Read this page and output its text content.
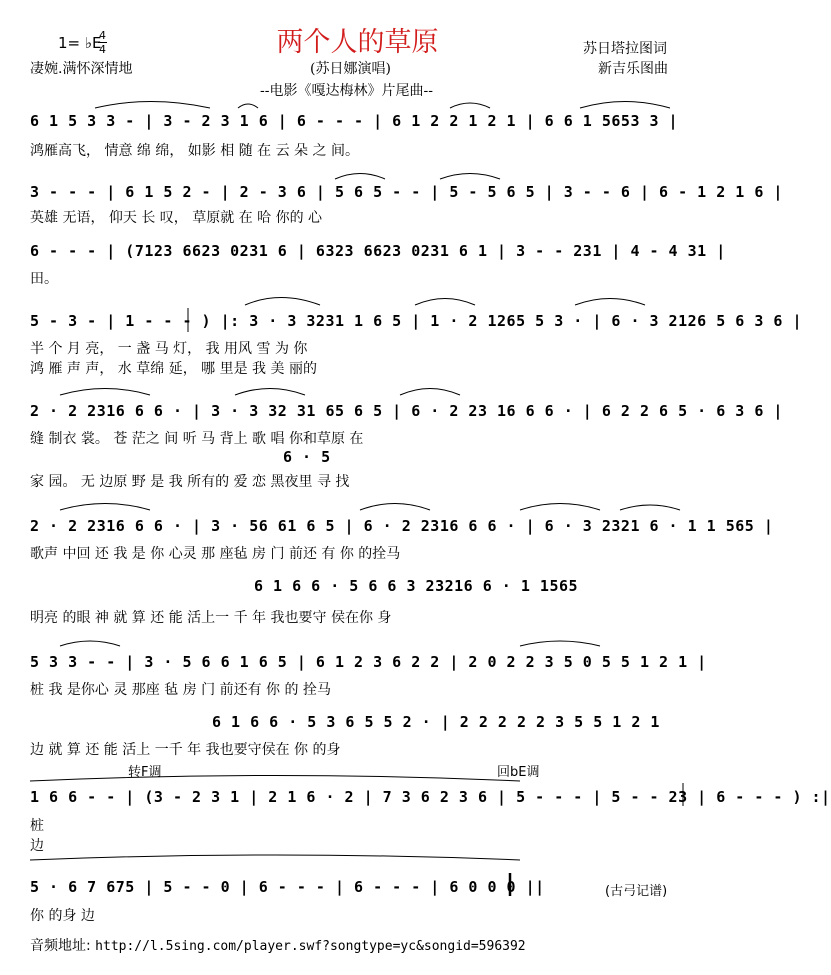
1= ♭E
4
4	两个人的草原	苏日塔拉图词
新吉乐图曲
凄婉.满怀深情地	(苏日娜演唱)
--电影《嘎达梅林》片尾曲--
6 1 5 3 3 - | 3 - 2 3 1 6 | 6 - - - | 6 1 2 2 1 2 1 | 6 6 1 5653 3 |
鸿雁高飞， 情意 绵 绵， 如影 相 随 在 云 朵 之 间。
3 - - - | 6 1 5 2 - | 2 - 3 6 | 5 6 5 - - | 5 - 5 6 5 | 3 - - 6 | 6 - 1 2 1 6 |
英雄 无语， 仰天 长 叹， 草原就 在 哈 你的 心
6 - - - | (7123 6623 0231 6 | 6323 6623 0231 6 1 | 3 - - 231 | 4 - 4 31 |
田。
5 - 3 - | 1 - - - ) |: 3 · 3 3231 1 6 5 | 1 · 2 1265 5 3 · | 6 · 3 2126 5 6 3 6 |
半 个 月 亮， 一 盏 马 灯， 我 用风 雪 为 你
鸿 雁 声 声， 水 草绵 延， 哪 里是 我 美 丽的
2 · 2 2316 6 6 · | 3 · 3 32 31 65 6 5 | 6 · 2 23 16 6 6 · | 6 2 2 6 5 · 6 3 6 |
缝 制衣 裳。 苍 茫之 间 听 马 背上 歌 唱 你和草原 在
6 · 5
家 园。 无 边原 野 是 我 所有的 爱 恋 黑夜里 寻 找
2 · 2 2316 6 6 · | 3 · 56 61 6 5 | 6 · 2 2316 6 6 · | 6 · 3 2321 6 · 1 1 565 |
歌声 中回 还 我 是 你 心灵 那 座毡 房 门 前还 有 你 的拴马
6 1 6 6 · 5 6 6 3 23216 6 · 1 1565
明亮 的眼 神 就 算 还 能 活上一 千 年 我也要守 侯在你 身
5 3 3 - - | 3 · 5 6 6 1 6 5 | 6 1 2 3 6 2 2 | 2 0 2 2 3 5 0 5 5 1 2 1 |
桩 我 是你心 灵 那座 毡 房 门 前还有 你 的 拴马
6 1 6 6 · 5 3 6 5 5 2 · | 2 2 2 2 2 3 5 5 1 2 1
边 就 算 还 能 活上 一千 年 我也要守侯在 你 的身
转F调	回bE调
1 6 6 - - | (3 - 2 3 1 | 2 1 6 · 2 | 7 3 6 2 3 6 | 5 - - - | 5 - - 23 | 6 - - - ) :|
桩
边
5 · 6 7 675 | 5 - - 0 | 6 - - - | 6 - - - | 6 0 0 0 ||
你 的身 边
(古弓记谱)
音频地址: http://l.5sing.com/player.swf?songtype=yc&songid=596392
